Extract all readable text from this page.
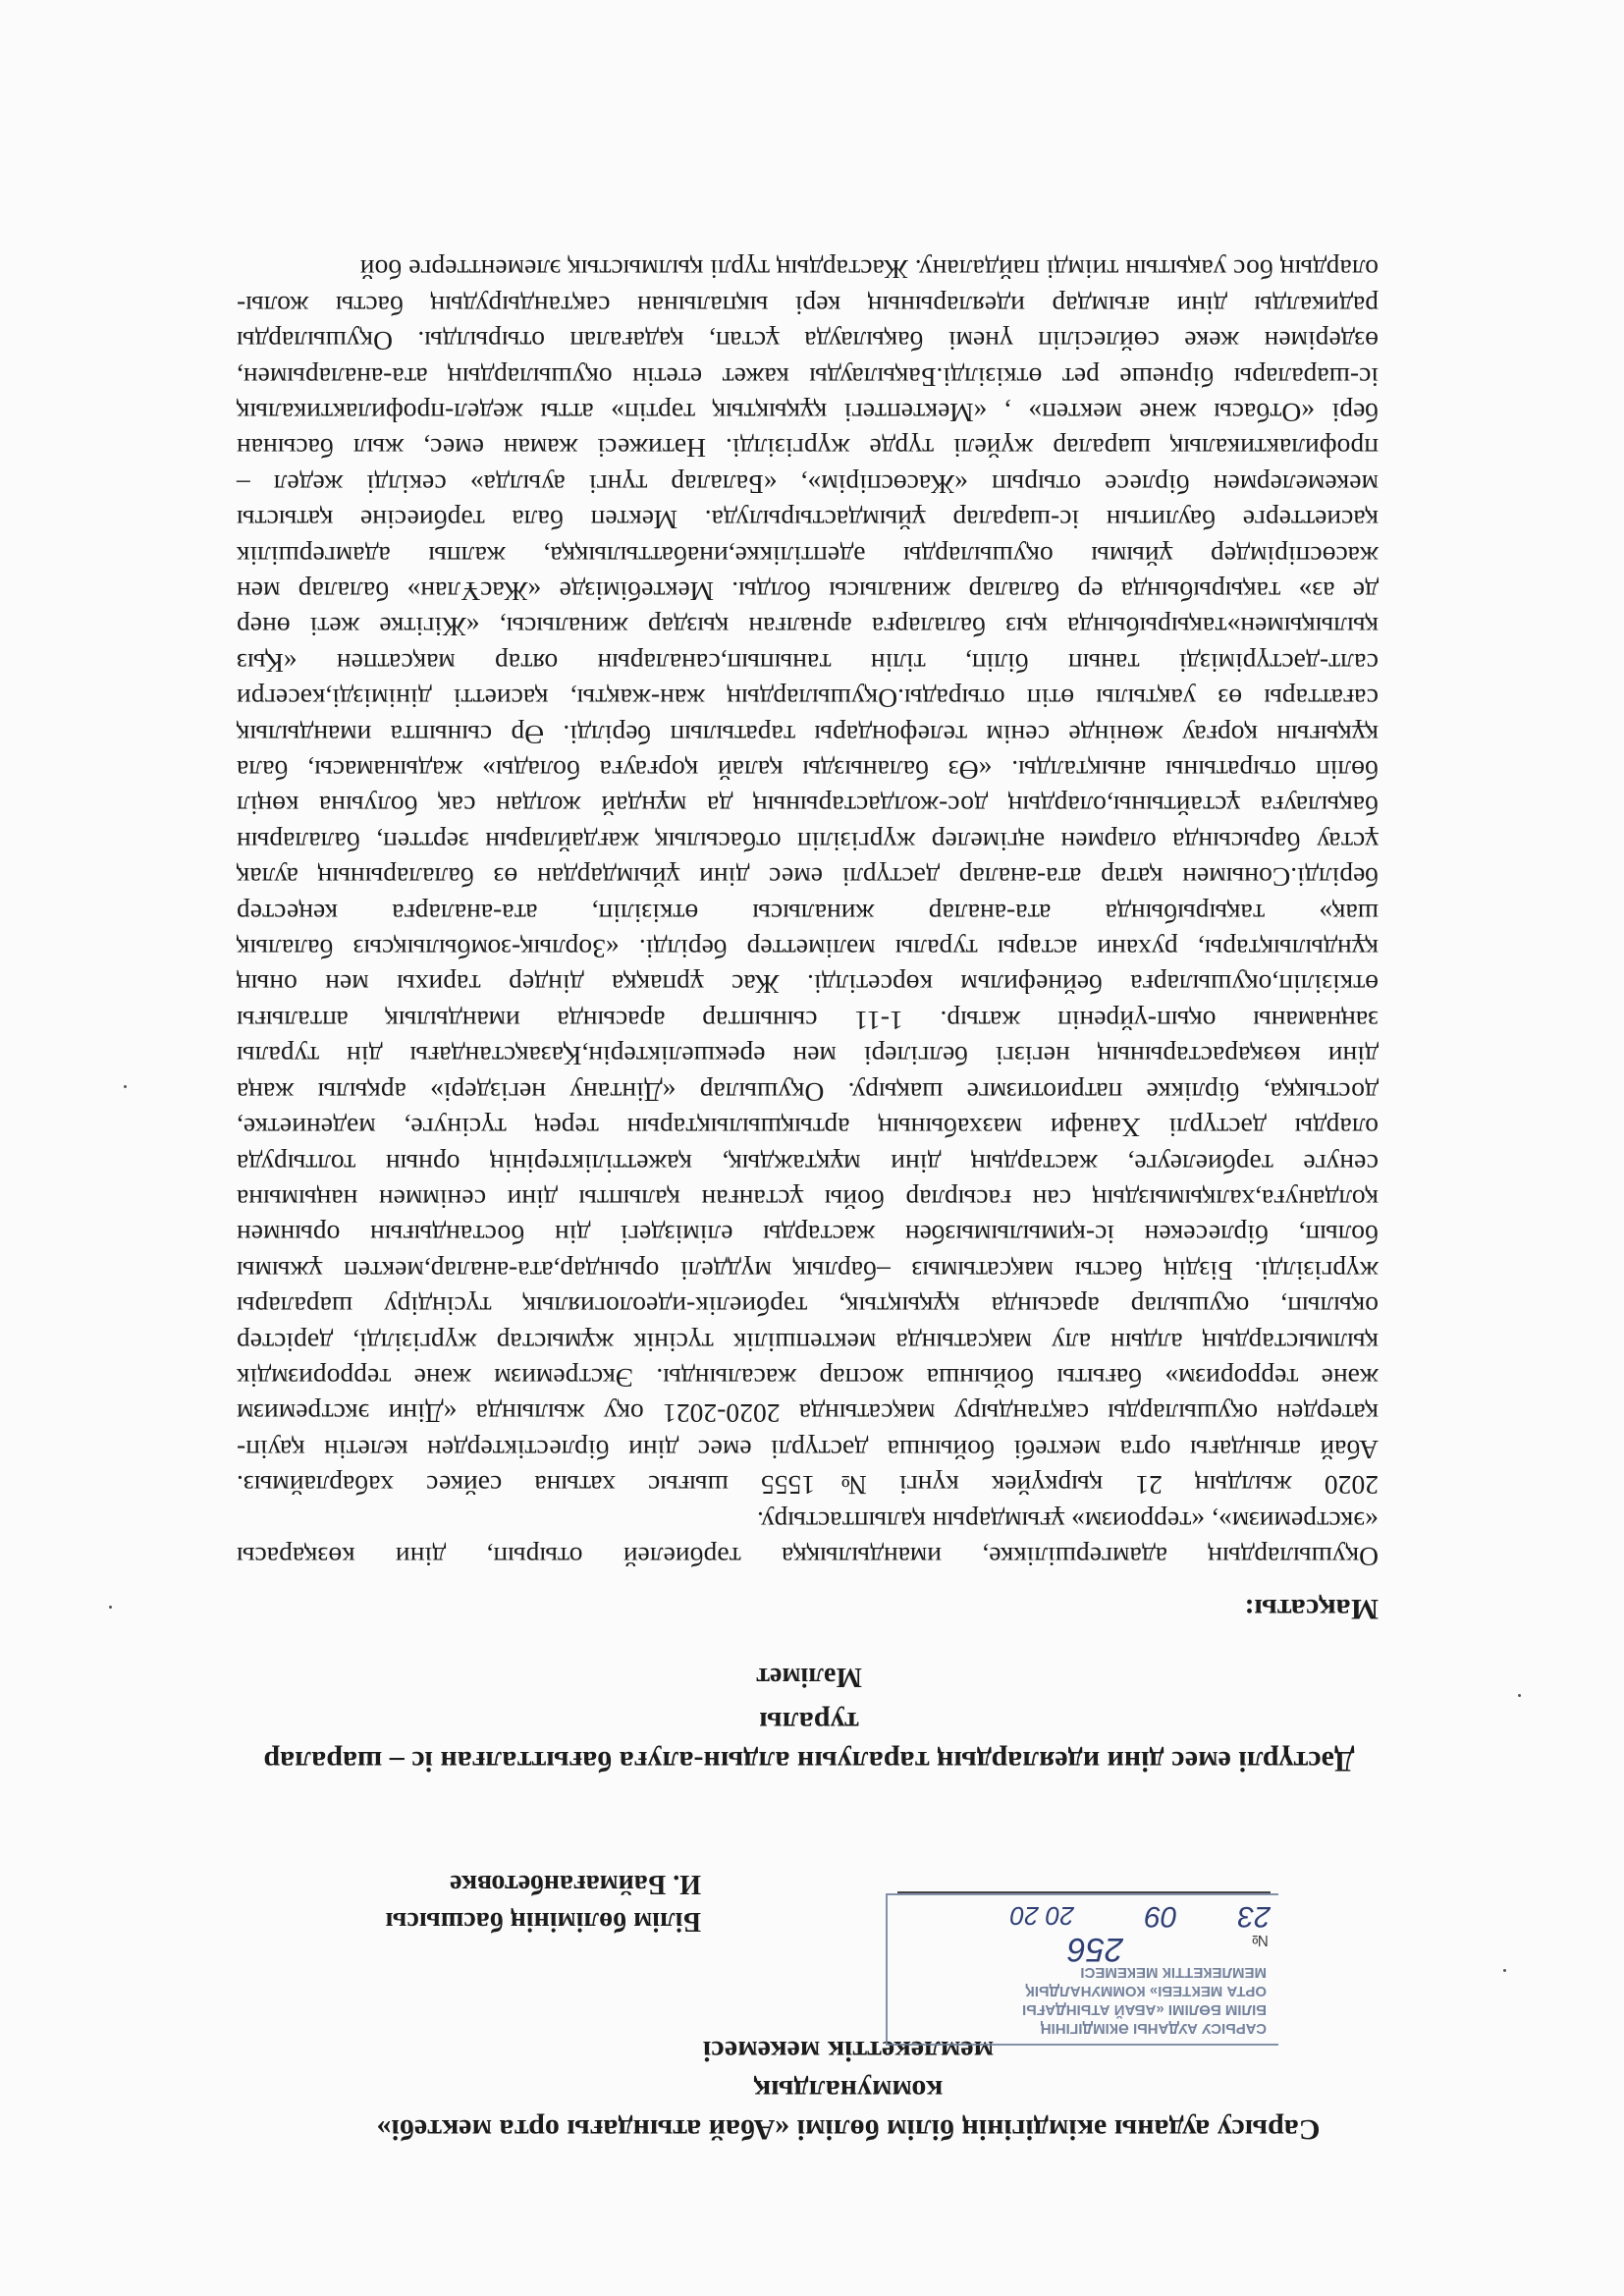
Сарысу ауданы әкімдігінің білім бөлімі «Абай атындағы орта мектебі» коммуналдық
мемлекеттік мекемесі
САРЫСУ АУДАНЫ ӘКІМДІГІНІҢ
БІЛІМ БӨЛІМІ «АБАЙ АТЫНДАҒЫ
ОРТА МЕКТЕБІ» КОММУНАЛДЫҚ
МЕМЛЕКЕТТІК МЕКЕМЕСІ
№
256
23
09
20 20
Білім бөлімінің басшысы
И. Баймағанбетовке
Дәстүрлі емес діни идеялардың таралуын алдын-алуға бағытталған іс – шаралар
туралы
Мәлімет
Мақсаты:
Оқушылардың адамгершілікке, имандылыққа тәрбиелей отырып, діни көзқарасы
«экстремизм», «терроизм» ұғымдарын қалыптастыру.
2020 жылдың 21 қыркүйек күнгі №1555 шығыс хатына сәйкес хабарлаймыз.
Абай атындағы орта мектебі бойынша дәстүрлі емес діни бірлестіктерден келетін қауіп-
қатерден оқушыларды сақтандыру мақсатында 2020-2021 оқу жылында «Діни экстремизм
және терроризм» бағыты бойынша жоспар жасалынды. Экстремизм және терроризмдік
қылмыстардың алдын алу мақсатында мектепшілік түсінік жұмыстар жүргізілді, дәрістер
оқылып, оқушылар арасында құқықтық, тәрбиелік-идеологиялық түсіндіру шаралары
жүргізілді. Біздің басты мақсатымыз –барлық мүдделі орындар,ата-аналар,мектеп ұжымы
болып, бірлесекен іс-қимылымызбен жастарды еліміздегі дін бостандығын орынмен
қолдануға,халқымыздың сан ғасырлар бойы ұстанған қалыпты діни сеніммен наңымына
сенуге тәрбиелеуге, жастардың діни мұқтаждық, қажеттіліктерінің орнын толтыруда
оларды дәстүрлі Ханафи мазхабының артықшылықтарын терең түсінуге, мәдениетке,
достыққа, бірлікке патриотизмге шақыру. Оқушылар «Дінтану негіздері» арқылы жаңа
діни көзқарастарының негізгі белгілері мен ерекшеліктерін,Қазақстандағы дін туралы
заңнаманы оқып-үйреніп жатыр. 1-11 сыныптар арасында имандылық апталығы
өткізіліп,оқушыларға бейнефильм көрсетілді. Жас ұрпаққа діндер тарихы мен оның
құндылықтары, рухани астары туралы мәліметтер берілді. «Зорлық-зомбылықсыз балалық
шақ» тақырыбында ата-аналар жиналысы өткізіліп, ата-аналарға кеңестер
берілді.Сонымен қатар ата-аналар дәстүрлі емес діни ұйымдардан өз балаларының аулақ
ұстау барысында олармен әңгімелер жүргізіліп отбасылық жағдайларын зерттеп, балаларын
бақылауға ұстайтыны,олардың дос-жолдастарының да мұндай жолдан сақ болуына көңіл
бөліп отыратыны анықталды. «Өз баланызды қалай қорғауға болады» жадынамасы, бала
құқығын қорғау жөнінде сенім телефондары таратылып берілді. Әр сыныпта имандылық
сағаттары өз уақтылы өтіп отырады.Оқушылардың жан-жақты, қасиетті дінімізді,кәсегри
салт-дәстүрімізді танып біліп, тілін таныпып,саналарын оятар мақсатпен «Қыз
қылықымен»тақырыбында қыз балаларға арналған қыздар жиналысы, «Жігітке жеті өнер
де аз» тақырыбында ер балалар жиналысы болды. Мектебімізде «ЖасҰлан» балалар мен
жасөспірімдер ұйымы оқушыларды әдептілікке,инабаттылыққа, жалпы адамгершілік
қасиеттерге баулитын іс-шаралар ұйымдастырылуда. Мектеп бала тәрбиесіне қатысты
мекемелермен бірлесе отырып «Жасөспірім», «Балалар түнгі ауылда» секілді жедел –
профилактикалық шаралар жүйелі түрде жүргізілді. Нәтижесі жаман емес, жыл басынан
бері «Отбасы және мектеп» , «Мектептегі құқықтық тәртіп» атты жедел-профилактикалық
іс-шаралары бірнеше рет өткізілді.Бақылауды кажет ететін оқушылардың ата-аналарымен,
өздерімен жеке сөйлесіліп үнемі бақылауда ұстап, қадағалап отырылды. Оқушыларды
радикалды діни ағымдар идеяларының кері ықпалынан сақтандырудың басты жолы-
олардың бос уақытын тиімді пайдалану. Жастардың түрлі қылмыстық элементтерге бой
